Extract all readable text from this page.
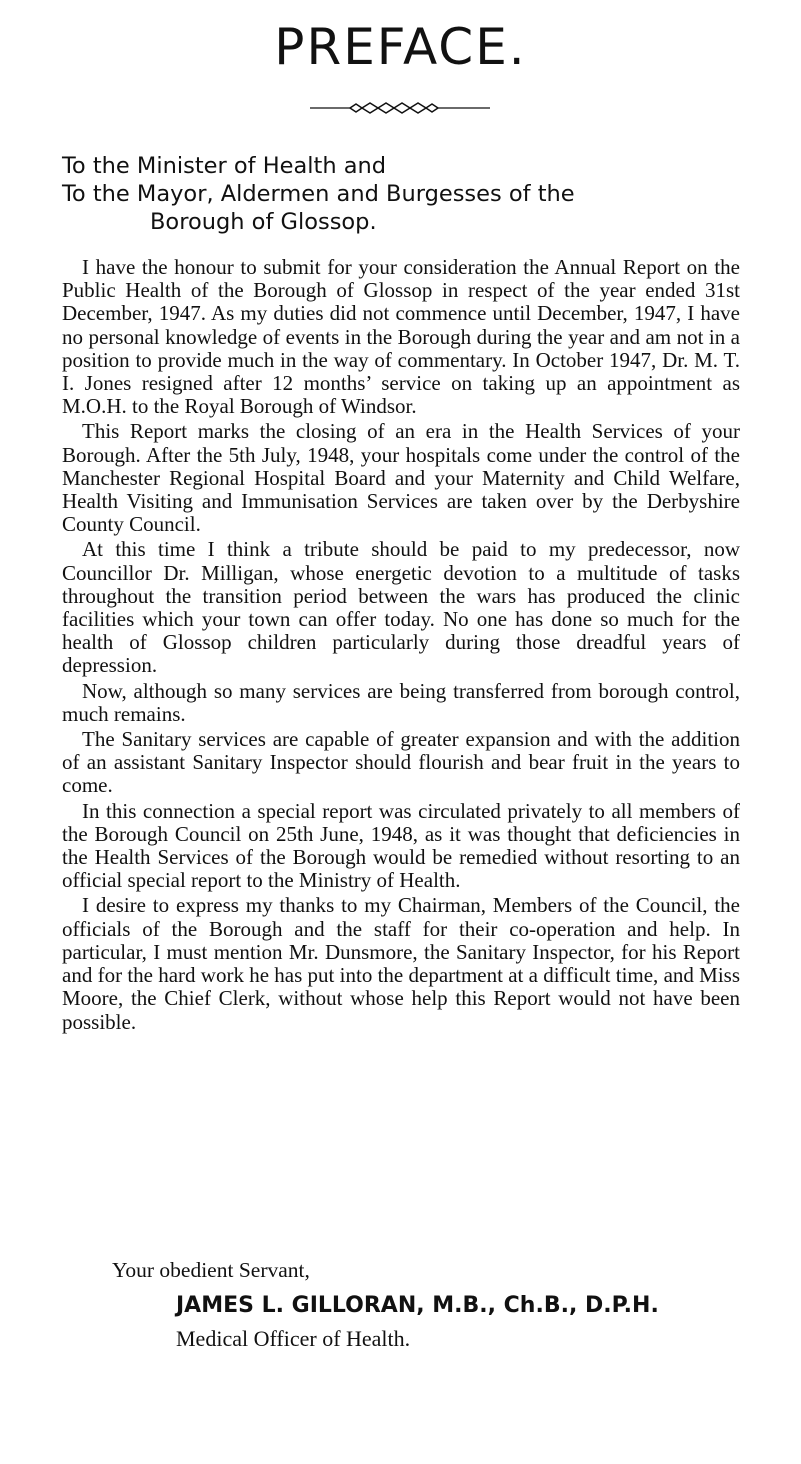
PREFACE.
To the Minister of Health and
To the Mayor, Aldermen and Burgesses of the
Borough of Glossop.

I have the honour to submit for your consideration the Annual Report on the Public Health of the Borough of Glossop in respect of the year ended 31st December, 1947. As my duties did not commence until December, 1947, I have no personal knowledge of events in the Borough during the year and am not in a position to provide much in the way of commentary. In October 1947, Dr. M. T. I. Jones resigned after 12 months’ service on taking up an appointment as M.O.H. to the Royal Borough of Windsor.

This Report marks the closing of an era in the Health Services of your Borough. After the 5th July, 1948, your hospitals come under the control of the Manchester Regional Hospital Board and your Maternity and Child Welfare, Health Visiting and Immunisation Services are taken over by the Derbyshire County Council.

At this time I think a tribute should be paid to my predecessor, now Councillor Dr. Milligan, whose energetic devotion to a multitude of tasks throughout the transition period between the wars has produced the clinic facilities which your town can offer today. No one has done so much for the health of Glossop children particularly during those dreadful years of depression.

Now, although so many services are being transferred from borough control, much remains.

The Sanitary services are capable of greater expansion and with the addition of an assistant Sanitary Inspector should flourish and bear fruit in the years to come.

In this connection a special report was circulated privately to all members of the Borough Council on 25th June, 1948, as it was thought that deficiencies in the Health Services of the Borough would be remedied without resorting to an official special report to the Ministry of Health.

I desire to express my thanks to my Chairman, Members of the Council, the officials of the Borough and the staff for their co-operation and help. In particular, I must mention Mr. Dunsmore, the Sanitary Inspector, for his Report and for the hard work he has put into the department at a difficult time, and Miss Moore, the Chief Clerk, without whose help this Report would not have been possible.

Your obedient Servant,
JAMES L. GILLORAN, M.B., Ch.B., D.P.H.
Medical Officer of Health.
